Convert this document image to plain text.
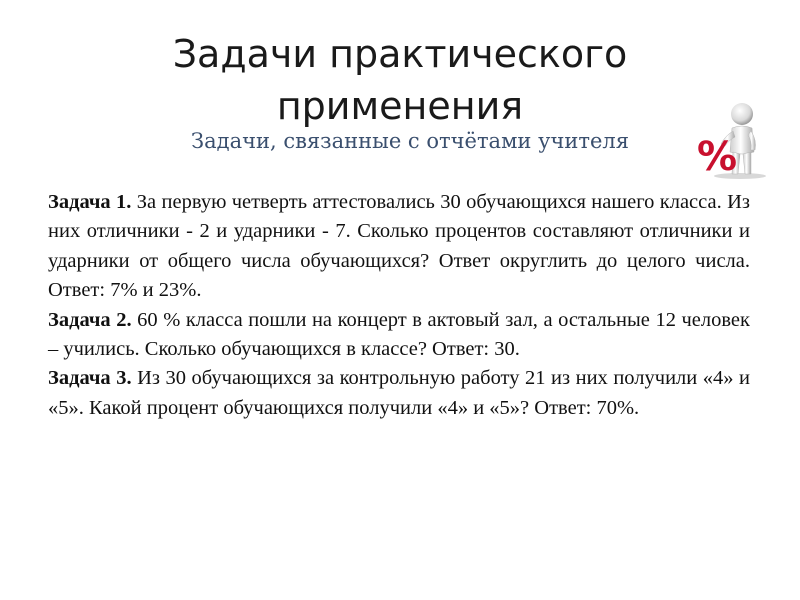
Задачи практического
применения
Задачи, связанные с отчётами учителя	%

Задача 1. За первую четверть аттестовались 30 обучающихся нашего класса. Из них отличники - 2 и ударники - 7. Сколько процентов составляют отличники и ударники от общего числа обучающихся? Ответ округлить до целого числа. Ответ: 7% и 23%.

Задача 2. 60 % класса пошли на концерт в актовый зал, а остальные 12 человек – учились. Сколько обучающихся в классе? Ответ: 30.

Задача 3. Из 30 обучающихся за контрольную работу 21 из них получили «4» и «5». Какой процент обучающихся получили «4» и «5»? Ответ: 70%.
